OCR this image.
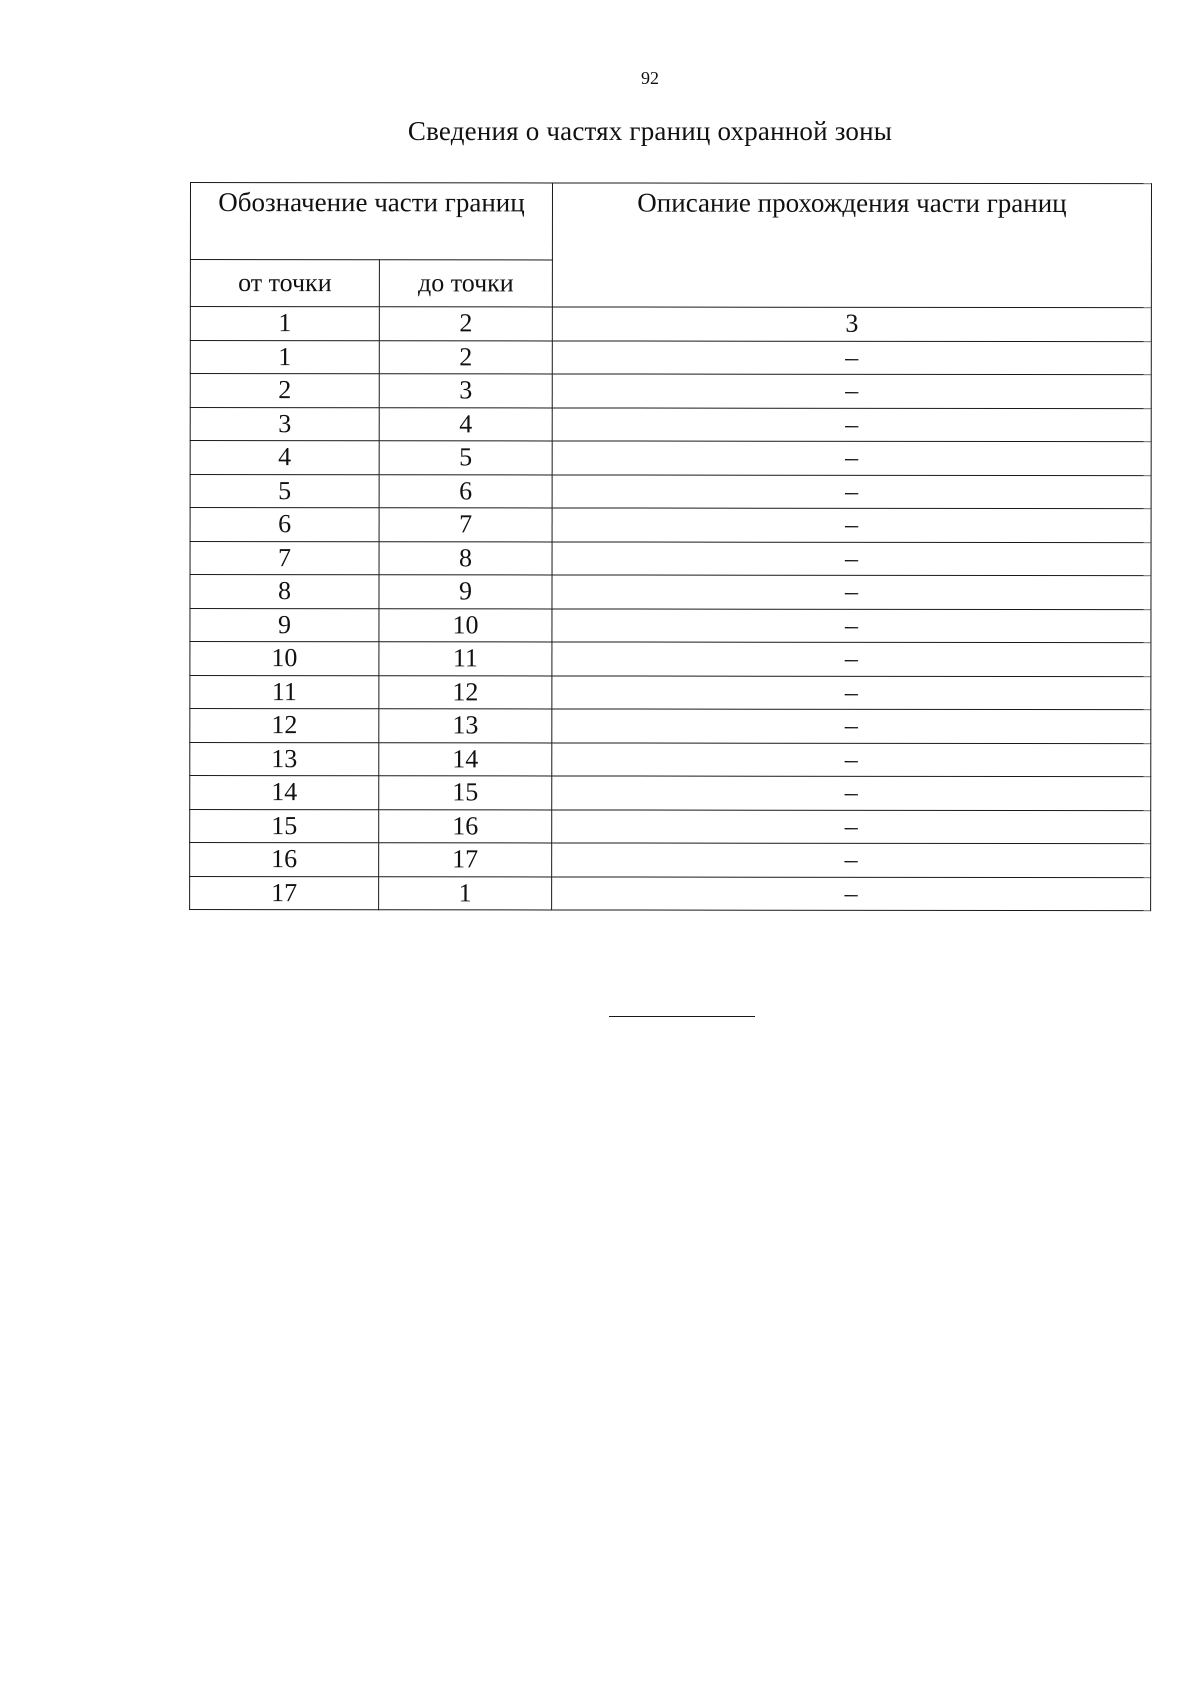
92
Сведения о частях границ охранной зоны
Обозначение части границ		Описание прохождения части границ
от точки	до точки	
1	2	3
1	2	–
2	3	–
3	4	–
4	5	–
5	6	–
6	7	–
7	8	–
8	9	–
9	10	–
10	11	–
11	12	–
12	13	–
13	14	–
14	15	–
15	16	–
16	17	–
17	1	–
